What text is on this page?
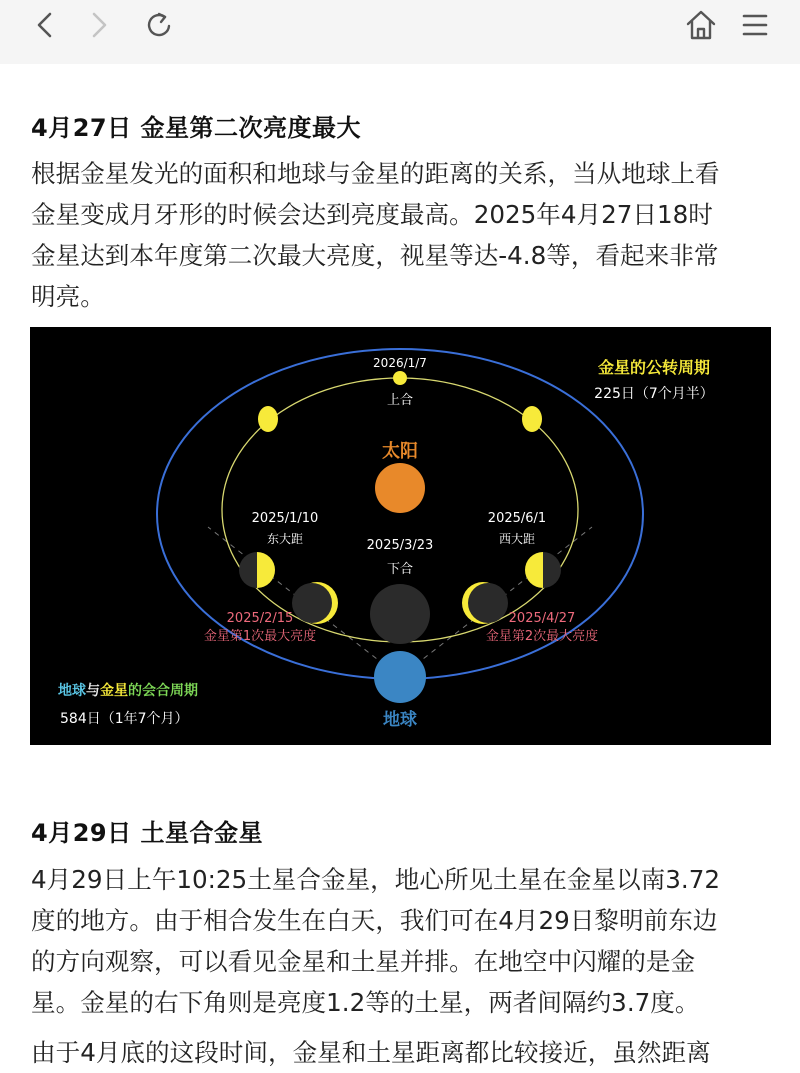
4月27日 金星第二次亮度最大

根据金星发光的面积和地球与金星的距离的关系，当从地球上看
金星变成月牙形的时候会达到亮度最高。2025年4月27日18时
金星达到本年度第二次最大亮度，视星等达-4.8等，看起来非常
明亮。

2026/1/7
上合
太阳
2025/1/10
东大距
2025/6/1
西大距
2025/3/23
下合
2025/2/15
金星第1次最大亮度
2025/4/27
金星第2次最大亮度
地球
金星的公转周期
225日（7个月半）
地球与金星的会合周期
584日（1年7个月）
4月29日 土星合金星

4月29日上午10:25土星合金星，地心所见土星在金星以南3.72
度的地方。由于相合发生在白天，我们可在4月29日黎明前东边
的方向观察，可以看见金星和土星并排。在地空中闪耀的是金
星。金星的右下角则是亮度1.2等的土星，两者间隔约3.7度。

由于4月底的这段时间，金星和土星距离都比较接近，虽然距离
